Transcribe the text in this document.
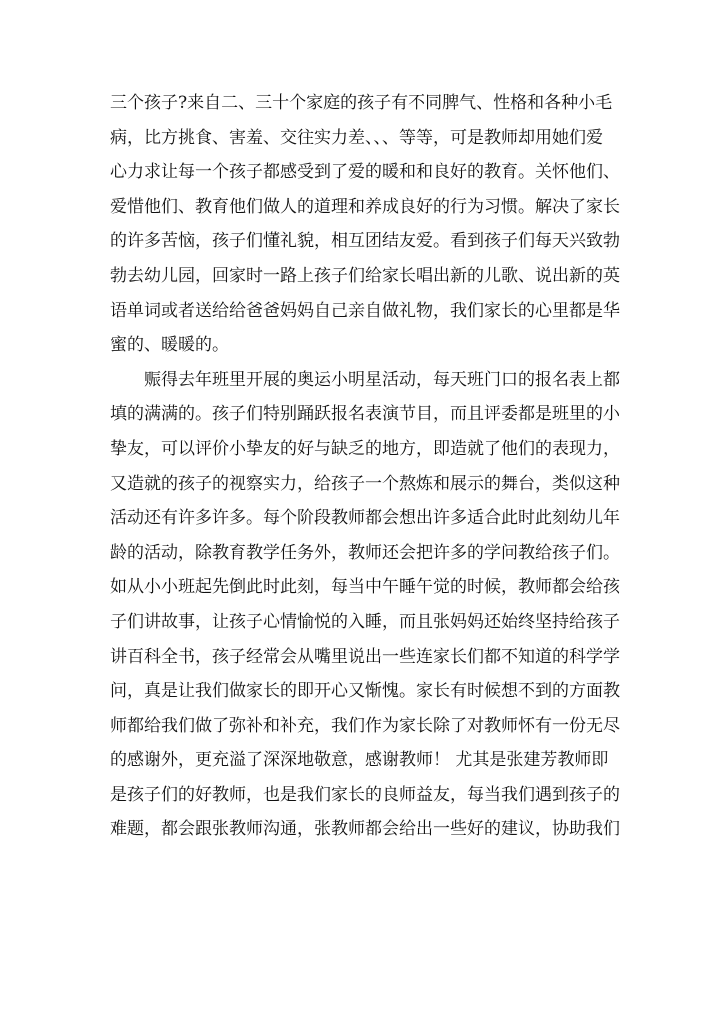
三个孩子?来自二、三十个家庭的孩子有不同脾气、性格和各种小毛
病，比方挑食、害羞、交往实力差、、、等等，可是教师却用她们爱
心力求让每一个孩子都感受到了爱的暖和和良好的教育。关怀他们、
爱惜他们、教育他们做人的道理和养成良好的行为习惯。解决了家长
的许多苦恼，孩子们懂礼貌，相互团结友爱。看到孩子们每天兴致勃
勃去幼儿园，回家时一路上孩子们给家长唱出新的儿歌、说出新的英
语单词或者送给给爸爸妈妈自己亲自做礼物，我们家长的心里都是华
蜜的、暖暖的。
赈得去年班里开展的奥运小明星活动，每天班门口的报名表上都
填的满满的。孩子们特别踊跃报名表演节目，而且评委都是班里的小
挚友，可以评价小挚友的好与缺乏的地方，即造就了他们的表现力，
又造就的孩子的视察实力，给孩子一个熬炼和展示的舞台，类似这种
活动还有许多许多。每个阶段教师都会想出许多适合此时此刻幼儿年
龄的活动，除教育教学任务外，教师还会把许多的学问教给孩子们。
如从小小班起先倒此时此刻，每当中午睡午觉的时候，教师都会给孩
子们讲故事，让孩子心情愉悦的入睡，而且张妈妈还始终坚持给孩子
讲百科全书，孩子经常会从嘴里说出一些连家长们都不知道的科学学
问，真是让我们做家长的即开心又惭愧。家长有时候想不到的方面教
师都给我们做了弥补和补充，我们作为家长除了对教师怀有一份无尽
的感谢外，更充溢了深深地敬意，感谢教师！ 尤其是张建芳教师即
是孩子们的好教师，也是我们家长的良师益友，每当我们遇到孩子的
难题，都会跟张教师沟通，张教师都会给出一些好的建议，协助我们
